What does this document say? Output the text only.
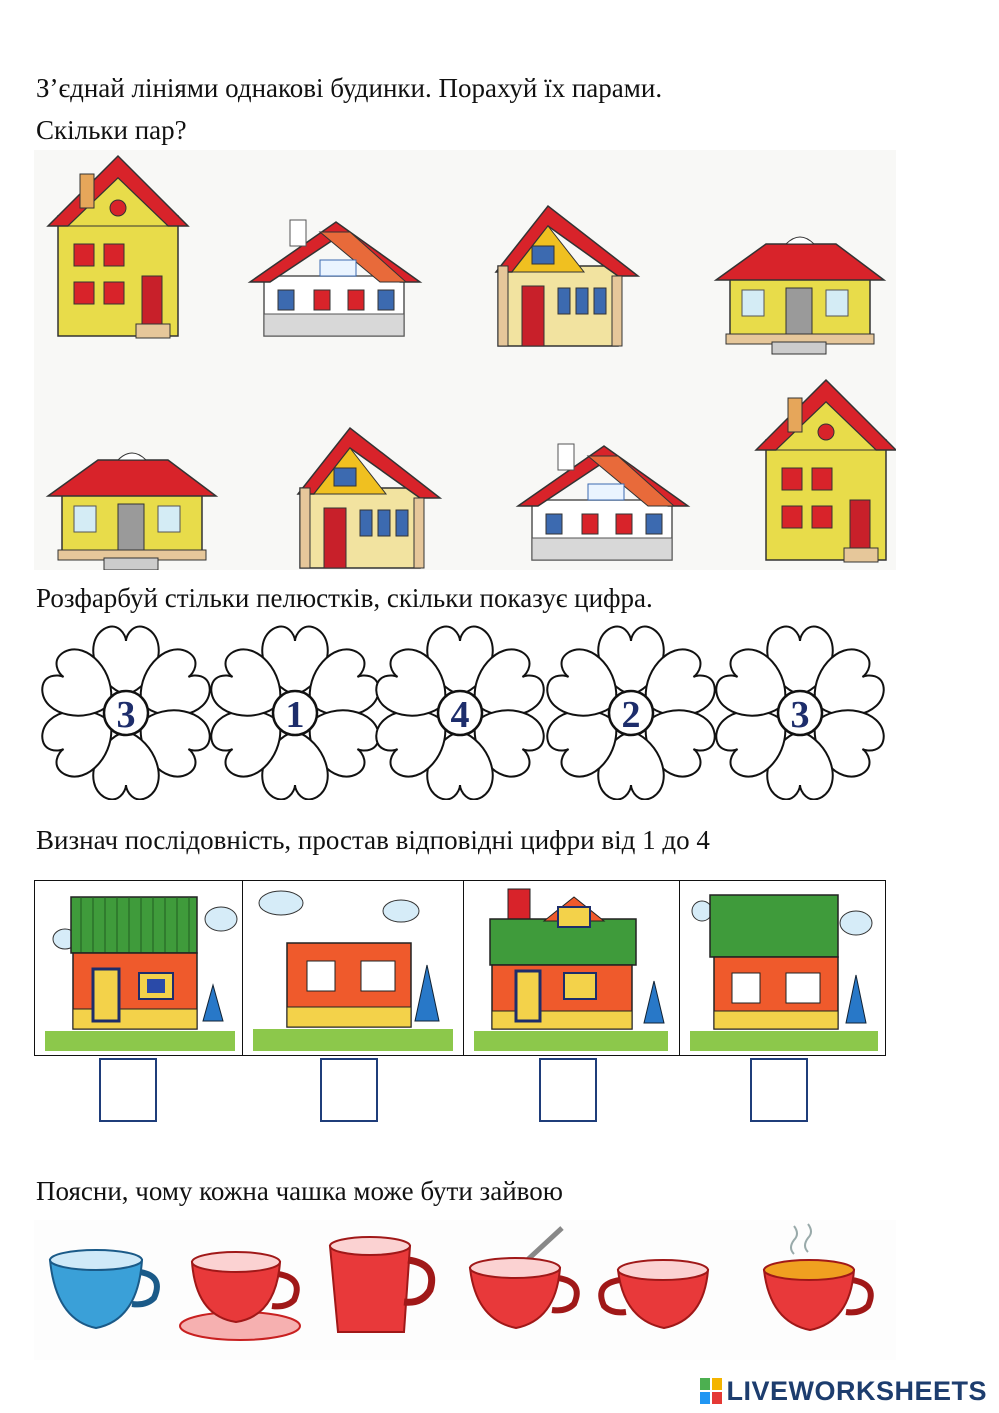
З’єднай лініями однакові будинки. Порахуй їх парами.

Скільки пар?

Розфарбуй стільки пелюстків, скільки показує цифра.

3	1	4	2	3

Визнач послідовність, простав відповідні цифри від 1 до 4

Поясни, чому кожна чашка може бути зайвою

LIVEWORKSHEETS
